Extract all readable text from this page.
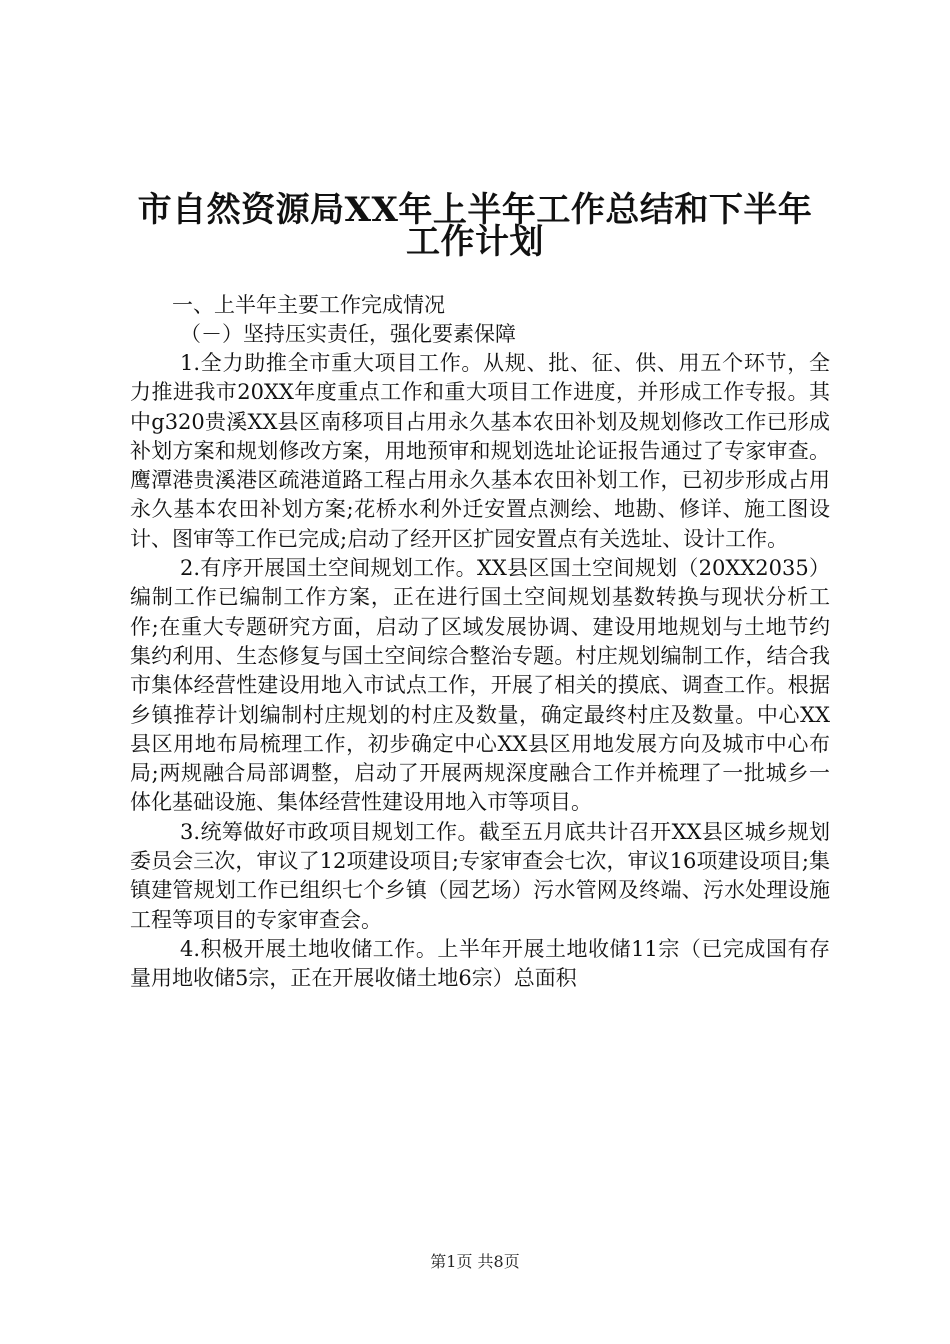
市自然资源局XX年上半年工作总结和下半年
工作计划
一、上半年主要工作完成情况
（－）坚持压实责任，强化要素保障
1.全力助推全市重大项目工作。从规、批、征、供、用五个环节，全力推进我市20XX年度重点工作和重大项目工作进度，并形成工作专报。其中g320贵溪XX县区南移项目占用永久基本农田补划及规划修改工作已形成补划方案和规划修改方案，用地预审和规划选址论证报告通过了专家审查。鹰潭港贵溪港区疏港道路工程占用永久基本农田补划工作，已初步形成占用永久基本农田补划方案;花桥水利外迁安置点测绘、地勘、修详、施工图设计、图审等工作已完成;启动了经开区扩园安置点有关选址、设计工作。
2.有序开展国土空间规划工作。XX县区国土空间规划（20XX2035）编制工作已编制工作方案，正在进行国土空间规划基数转换与现状分析工作;在重大专题研究方面，启动了区域发展协调、建设用地规划与土地节约集约利用、生态修复与国土空间综合整治专题。村庄规划编制工作，结合我市集体经营性建设用地入市试点工作，开展了相关的摸底、调查工作。根据乡镇推荐计划编制村庄规划的村庄及数量，确定最终村庄及数量。中心XX县区用地布局梳理工作，初步确定中心XX县区用地发展方向及城市中心布局;两规融合局部调整，启动了开展两规深度融合工作并梳理了一批城乡一体化基础设施、集体经营性建设用地入市等项目。
3.统筹做好市政项目规划工作。截至五月底共计召开XX县区城乡规划委员会三次，审议了12项建设项目;专家审查会七次，审议16项建设项目;集镇建管规划工作已组织七个乡镇（园艺场）污水管网及终端、污水处理设施工程等项目的专家审查会。
4.积极开展土地收储工作。上半年开展土地收储11宗（已完成国有存量用地收储5宗，正在开展收储土地6宗）总面积
第1页 共8页
